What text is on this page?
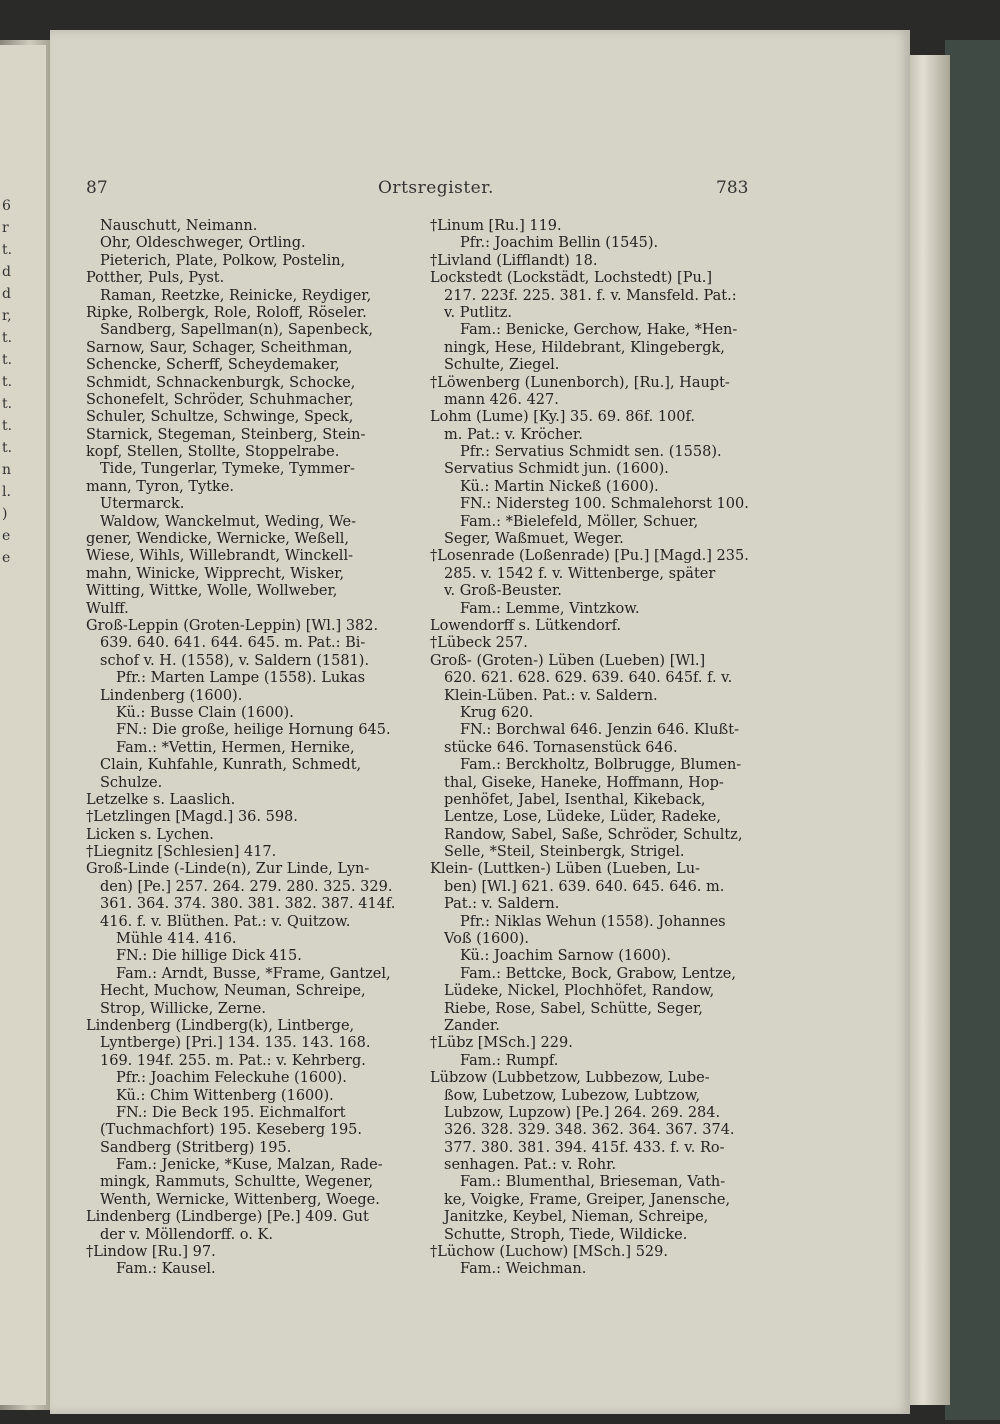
6 r t. d d r, t. t. t. t. t. t. n l. ) e e
87	Ortsregister.	783
Nauschutt, Neimann.
Ohr, Oldeschweger, Ortling.
Pieterich, Plate, Polkow, Postelin,
Potther, Puls, Pyst.
Raman, Reetzke, Reinicke, Reydiger,
Ripke, Rolbergk, Role, Roloff, Röseler.
Sandberg, Sapellman(n), Sapenbeck,
Sarnow, Saur, Schager, Scheithman,
Schencke, Scherff, Scheydemaker,
Schmidt, Schnackenburgk, Schocke,
Schonefelt, Schröder, Schuhmacher,
Schuler, Schultze, Schwinge, Speck,
Starnick, Stegeman, Steinberg, Stein-
kopf, Stellen, Stollte, Stoppelrabe.
Tide, Tungerlar, Tymeke, Tymmer-
mann, Tyron, Tytke.
Utermarck.
Waldow, Wanckelmut, Weding, We-
gener, Wendicke, Wernicke, Weßell,
Wiese, Wihls, Willebrandt, Winckell-
mahn, Winicke, Wipprecht, Wisker,
Witting, Wittke, Wolle, Wollweber,
Wulff.
Groß-Leppin (Groten-Leppin) [Wl.] 382.
639. 640. 641. 644. 645. m. Pat.: Bi-
schof v. H. (1558), v. Saldern (1581).
Pfr.: Marten Lampe (1558). Lukas
Lindenberg (1600).
Kü.: Busse Clain (1600).
FN.: Die große, heilige Hornung 645.
Fam.: *Vettin, Hermen, Hernike,
Clain, Kuhfahle, Kunrath, Schmedt,
Schulze.
Letzelke s. Laaslich.
†Letzlingen [Magd.] 36. 598.
Licken s. Lychen.
†Liegnitz [Schlesien] 417.
Groß-Linde (-Linde(n), Zur Linde, Lyn-
den) [Pe.] 257. 264. 279. 280. 325. 329.
361. 364. 374. 380. 381. 382. 387. 414f.
416. f. v. Blüthen. Pat.: v. Quitzow.
Mühle 414. 416.
FN.: Die hillige Dick 415.
Fam.: Arndt, Busse, *Frame, Gantzel,
Hecht, Muchow, Neuman, Schreipe,
Strop, Willicke, Zerne.
Lindenberg (Lindberg(k), Lintberge,
Lyntberge) [Pri.] 134. 135. 143. 168.
169. 194f. 255. m. Pat.: v. Kehrberg.
Pfr.: Joachim Feleckuhe (1600).
Kü.: Chim Wittenberg (1600).
FN.: Die Beck 195. Eichmalfort
(Tuchmachfort) 195. Keseberg 195.
Sandberg (Stritberg) 195.
Fam.: Jenicke, *Kuse, Malzan, Rade-
mingk, Rammuts, Schultte, Wegener,
Wenth, Wernicke, Wittenberg, Woege.
Lindenberg (Lindberge) [Pe.] 409. Gut
der v. Möllendorff. o. K.
†Lindow [Ru.] 97.
Fam.: Kausel.
†Linum [Ru.] 119.
Pfr.: Joachim Bellin (1545).
†Livland (Lifflandt) 18.
Lockstedt (Lockstädt, Lochstedt) [Pu.]
217. 223f. 225. 381. f. v. Mansfeld. Pat.:
v. Putlitz.
Fam.: Benicke, Gerchow, Hake, *Hen-
ningk, Hese, Hildebrant, Klingebergk,
Schulte, Ziegel.
†Löwenberg (Lunenborch), [Ru.], Haupt-
mann 426. 427.
Lohm (Lume) [Ky.] 35. 69. 86f. 100f.
m. Pat.: v. Kröcher.
Pfr.: Servatius Schmidt sen. (1558).
Servatius Schmidt jun. (1600).
Kü.: Martin Nickeß (1600).
FN.: Nidersteg 100. Schmalehorst 100.
Fam.: *Bielefeld, Möller, Schuer,
Seger, Waßmuet, Weger.
†Losenrade (Loßenrade) [Pu.] [Magd.] 235.
285. v. 1542 f. v. Wittenberge, später
v. Groß-Beuster.
Fam.: Lemme, Vintzkow.
Lowendorff s. Lütkendorf.
†Lübeck 257.
Groß- (Groten-) Lüben (Lueben) [Wl.]
620. 621. 628. 629. 639. 640. 645f. f. v.
Klein-Lüben. Pat.: v. Saldern.
Krug 620.
FN.: Borchwal 646. Jenzin 646. Klußt-
stücke 646. Tornasenstück 646.
Fam.: Berckholtz, Bolbrugge, Blumen-
thal, Giseke, Haneke, Hoffmann, Hop-
penhöfet, Jabel, Isenthal, Kikeback,
Lentze, Lose, Lüdeke, Lüder, Radeke,
Randow, Sabel, Saße, Schröder, Schultz,
Selle, *Steil, Steinbergk, Strigel.
Klein- (Luttken-) Lüben (Lueben, Lu-
ben) [Wl.] 621. 639. 640. 645. 646. m.
Pat.: v. Saldern.
Pfr.: Niklas Wehun (1558). Johannes
Voß (1600).
Kü.: Joachim Sarnow (1600).
Fam.: Bettcke, Bock, Grabow, Lentze,
Lüdeke, Nickel, Plochhöfet, Randow,
Riebe, Rose, Sabel, Schütte, Seger,
Zander.
†Lübz [MSch.] 229.
Fam.: Rumpf.
Lübzow (Lubbetzow, Lubbezow, Lube-
ßow, Lubetzow, Lubezow, Lubtzow,
Lubzow, Lupzow) [Pe.] 264. 269. 284.
326. 328. 329. 348. 362. 364. 367. 374.
377. 380. 381. 394. 415f. 433. f. v. Ro-
senhagen. Pat.: v. Rohr.
Fam.: Blumenthal, Brieseman, Vath-
ke, Voigke, Frame, Greiper, Janensche,
Janitzke, Keybel, Nieman, Schreipe,
Schutte, Stroph, Tiede, Wildicke.
†Lüchow (Luchow) [MSch.] 529.
Fam.: Weichman.
